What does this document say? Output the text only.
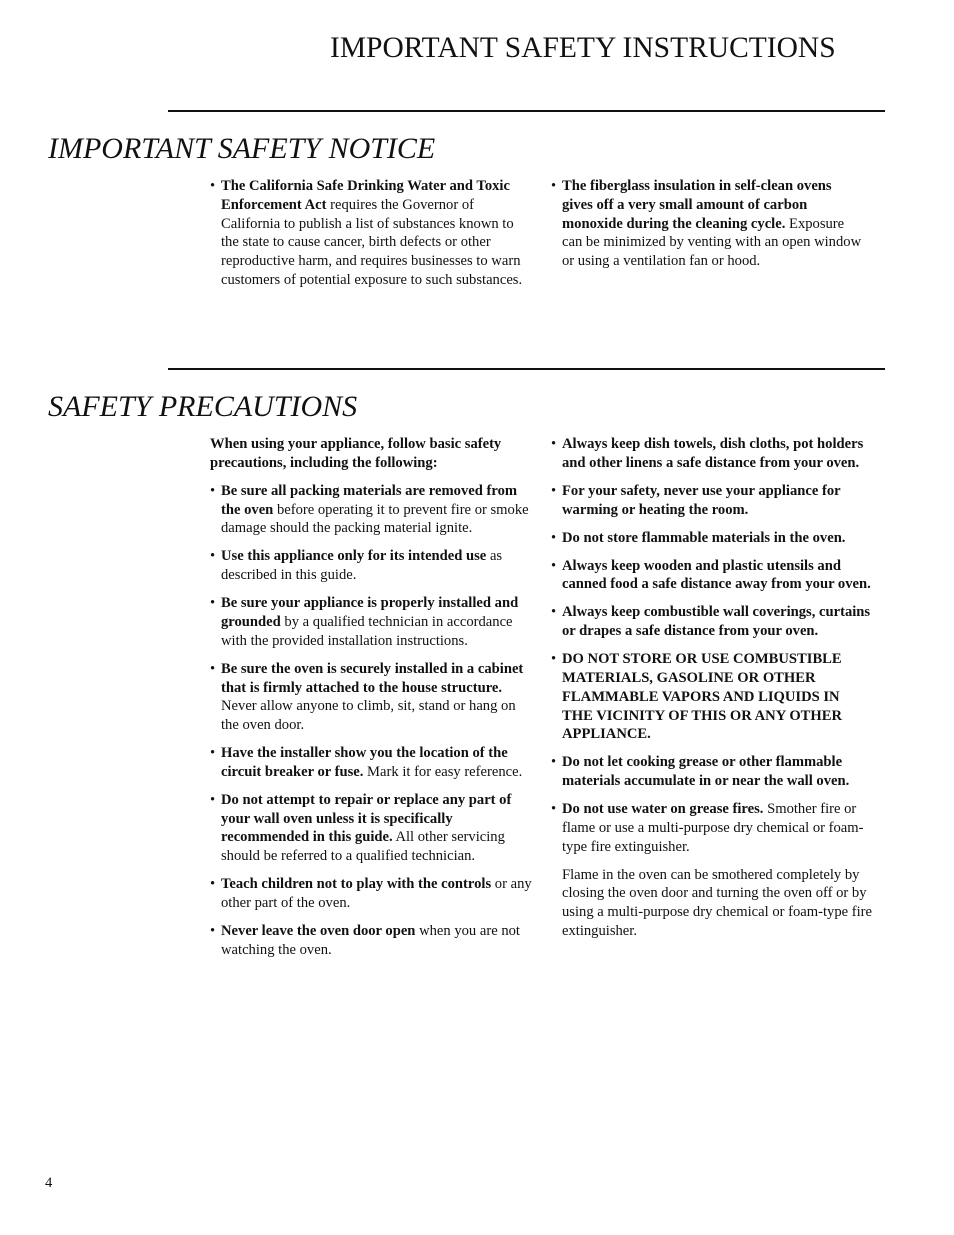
IMPORTANT SAFETY INSTRUCTIONS
IMPORTANT SAFETY NOTICE
• The California Safe Drinking Water and Toxic Enforcement Act requires the Governor of California to publish a list of substances known to the state to cause cancer, birth defects or other reproductive harm, and requires businesses to warn customers of potential exposure to such substances.
• The fiberglass insulation in self-clean ovens gives off a very small amount of carbon monoxide during the cleaning cycle. Exposure can be minimized by venting with an open window or using a ventilation fan or hood.
SAFETY PRECAUTIONS
When using your appliance, follow basic safety precautions, including the following:
• Be sure all packing materials are removed from the oven before operating it to prevent fire or smoke damage should the packing material ignite.
• Use this appliance only for its intended use as described in this guide.
• Be sure your appliance is properly installed and grounded by a qualified technician in accordance with the provided installation instructions.
• Be sure the oven is securely installed in a cabinet that is firmly attached to the house structure. Never allow anyone to climb, sit, stand or hang on the oven door.
• Have the installer show you the location of the circuit breaker or fuse. Mark it for easy reference.
• Do not attempt to repair or replace any part of your wall oven unless it is specifically recommended in this guide. All other servicing should be referred to a qualified technician.
• Teach children not to play with the controls or any other part of the oven.
• Never leave the oven door open when you are not watching the oven.
• Always keep dish towels, dish cloths, pot holders and other linens a safe distance from your oven.
• For your safety, never use your appliance for warming or heating the room.
• Do not store flammable materials in the oven.
• Always keep wooden and plastic utensils and canned food a safe distance away from your oven.
• Always keep combustible wall coverings, curtains or drapes a safe distance from your oven.
• DO NOT STORE OR USE COMBUSTIBLE MATERIALS, GASOLINE OR OTHER FLAMMABLE VAPORS AND LIQUIDS IN THE VICINITY OF THIS OR ANY OTHER APPLIANCE.
• Do not let cooking grease or other flammable materials accumulate in or near the wall oven.
• Do not use water on grease fires. Smother fire or flame or use a multi-purpose dry chemical or foam-type fire extinguisher.

Flame in the oven can be smothered completely by closing the oven door and turning the oven off or by using a multi-purpose dry chemical or foam-type fire extinguisher.

4
